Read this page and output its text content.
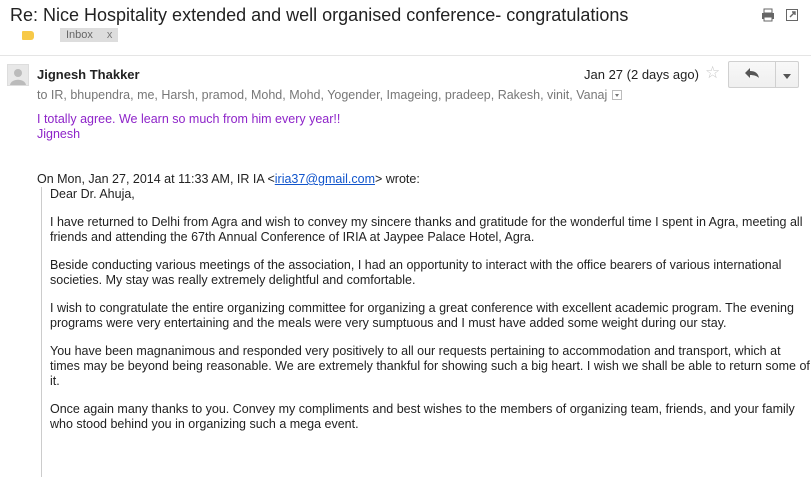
Re: Nice Hospitality extended and well organised conference- congratulations
Inbox x
Jignesh Thakker	Jan 27 (2 days ago) ☆
to IR, bhupendra, me, Harsh, pramod, Mohd, Mohd, Yogender, Imageing, pradeep, Rakesh, vinit, Vanaj
I totally agree. We learn so much from him every year!!
Jignesh
On Mon, Jan 27, 2014 at 11:33 AM, IR IA <iria37@gmail.com> wrote:

Dear Dr. Ahuja,

I have returned to Delhi from Agra and wish to convey my sincere thanks and gratitude for the wonderful time I spent in Agra, meeting all friends and attending the 67th Annual Conference of IRIA at Jaypee Palace Hotel, Agra.

Beside conducting various meetings of the association, I had an opportunity to interact with the office bearers of various international societies. My stay was really extremely delightful and comfortable.

I wish to congratulate the entire organizing committee for organizing a great conference with excellent academic program. The evening programs were very entertaining and the meals were very sumptuous and I must have added some weight during our stay.

You have been magnanimous and responded very positively to all our requests pertaining to accommodation and transport, which at times may be beyond being reasonable. We are extremely thankful for showing such a big heart. I wish we shall be able to return some of it.

Once again many thanks to you. Convey my compliments and best wishes to the members of organizing team, friends, and your family who stood behind you in organizing such a mega event.
